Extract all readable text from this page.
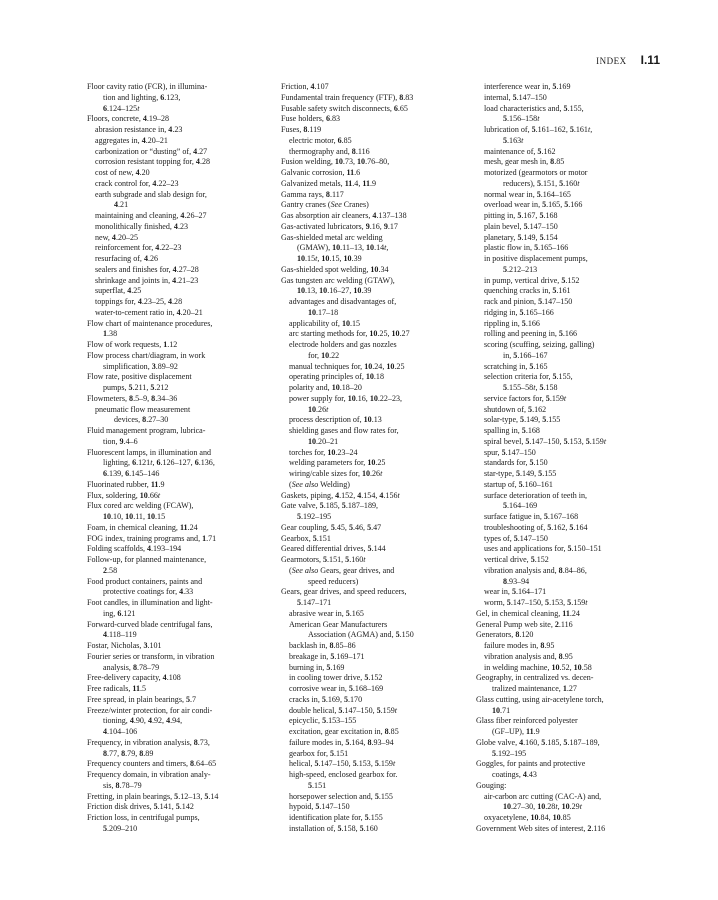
INDEX I.11
Floor cavity ratio (FCR), in illumina-
tion and lighting, 6.123,
6.124–125t
Floors, concrete, 4.19–28
abrasion resistance in, 4.23
aggregates in, 4.20–21
carbonization or “dusting” of, 4.27
corrosion resistant topping for, 4.28
cost of new, 4.20
crack control for, 4.22–23
earth subgrade and slab design for,
4.21
maintaining and cleaning, 4.26–27
monolithically finished, 4.23
new, 4.20–25
reinforcement for, 4.22–23
resurfacing of, 4.26
sealers and finishes for, 4.27–28
shrinkage and joints in, 4.21–23
superflat, 4.25
toppings for, 4.23–25, 4.28
water-to-cement ratio in, 4.20–21
Flow chart of maintenance procedures,
1.38
Flow of work requests, 1.12
Flow process chart/diagram, in work
simplification, 3.89–92
Flow rate, positive displacement
pumps, 5.211, 5.212
Flowmeters, 8.5–9, 8.34–36
pneumatic flow measurement
devices, 8.27–30
Fluid management program, lubrica-
tion, 9.4–6
Fluorescent lamps, in illumination and
lighting, 6.121t, 6.126–127, 6.136,
6.139, 6.145–146
Fluorinated rubber, 11.9
Flux, soldering, 10.66t
Flux cored arc welding (FCAW),
10.10, 10.11, 10.15
Foam, in chemical cleaning, 11.24
FOG index, training programs and, 1.71
Folding scaffolds, 4.193–194
Follow-up, for planned maintenance,
2.58
Food product containers, paints and
protective coatings for, 4.33
Foot candles, in illumination and light-
ing, 6.121
Forward-curved blade centrifugal fans,
4.118–119
Fostar, Nicholas, 3.101
Fourier series or transform, in vibration
analysis, 8.78–79
Free-delivery capacity, 4.108
Free radicals, 11.5
Free spread, in plain bearings, 5.7
Freeze/winter protection, for air condi-
tioning, 4.90, 4.92, 4.94,
4.104–106
Frequency, in vibration analysis, 8.73,
8.77, 8.79, 8.89
Frequency counters and timers, 8.64–65
Frequency domain, in vibration analy-
sis, 8.78–79
Fretting, in plain bearings, 5.12–13, 5.14
Friction disk drives, 5.141, 5.142
Friction loss, in centrifugal pumps,
5.209–210
Friction, 4.107
Fundamental train frequency (FTF), 8.83
Fusable safety switch disconnects, 6.65
Fuse holders, 6.83
Fuses, 8.119
electric motor, 6.85
thermography and, 8.116
Fusion welding, 10.73, 10.76–80,
Galvanic corrosion, 11.6
Galvanized metals, 11.4, 11.9
Gamma rays, 8.117
Gantry cranes (See Cranes)
Gas absorption air cleaners, 4.137–138
Gas-activated lubricators, 9.16, 9.17
Gas-shielded metal arc welding
(GMAW), 10.11–13, 10.14t,
10.15t, 10.15, 10.39
Gas-shielded spot welding, 10.34
Gas tungsten arc welding (GTAW),
10.13, 10.16–27, 10.39
advantages and disadvantages of,
10.17–18
applicability of, 10.15
arc starting methods for, 10.25, 10.27
electrode holders and gas nozzles
for, 10.22
manual techniques for, 10.24, 10.25
operating principles of, 10.18
polarity and, 10.18–20
power supply for, 10.16, 10.22–23,
10.26t
process description of, 10.13
shielding gases and flow rates for,
10.20–21
torches for, 10.23–24
welding parameters for, 10.25
wiring/cable sizes for, 10.26t
(See also Welding)
Gaskets, piping, 4.152, 4.154, 4.156t
Gate valve, 5.185, 5.187–189,
5.192–195
Gear coupling, 5.45, 5.46, 5.47
Gearbox, 5.151
Geared differential drives, 5.144
Gearmotors, 5.151, 5.160t
(See also Gears, gear drives, and
speed reducers)
Gears, gear drives, and speed reducers,
5.147–171
abrasive wear in, 5.165
American Gear Manufacturers
Association (AGMA) and, 5.150
backlash in, 8.85–86
breakage in, 5.169–171
burning in, 5.169
in cooling tower drive, 5.152
corrosive wear in, 5.168–169
cracks in, 5.169, 5.170
double helical, 5.147–150, 5.159t
epicyclic, 5.153–155
excitation, gear excitation in, 8.85
failure modes in, 5.164, 8.93–94
gearbox for, 5.151
helical, 5.147–150, 5.153, 5.159t
high-speed, enclosed gearbox for.
5.151
horsepower selection and, 5.155
hypoid, 5.147–150
identification plate for, 5.155
installation of, 5.158, 5.160
interference wear in, 5.169
internal, 5.147–150
load characteristics and, 5.155,
5.156–158t
lubrication of, 5.161–162, 5.161t,
5.163t
maintenance of, 5.162
mesh, gear mesh in, 8.85
motorized (gearmotors or motor
reducers), 5.151, 5.160t
normal wear in, 5.164–165
overload wear in, 5.165, 5.166
pitting in, 5.167, 5.168
plain bevel, 5.147–150
planetary, 5.149, 5.154
plastic flow in, 5.165–166
in positive displacement pumps,
5.212–213
in pump, vertical drive, 5.152
quenching cracks in, 5.161
rack and pinion, 5.147–150
ridging in, 5.165–166
rippling in, 5.166
rolling and peening in, 5.166
scoring (scuffing, seizing, galling)
in, 5.166–167
scratching in, 5.165
selection criteria for, 5.155,
5.155–58t, 5.158
service factors for, 5.159t
shutdown of, 5.162
solar-type, 5.149, 5.155
spalling in, 5.168
spiral bevel, 5.147–150, 5.153, 5.159t
spur, 5.147–150
standards for, 5.150
star-type, 5.149, 5.155
startup of, 5.160–161
surface deterioration of teeth in,
5.164–169
surface fatigue in, 5.167–168
troubleshooting of, 5.162, 5.164
types of, 5.147–150
uses and applications for, 5.150–151
vertical drive, 5.152
vibration analysis and, 8.84–86,
8.93–94
wear in, 5.164–171
worm, 5.147–150, 5.153, 5.159t
Gel, in chemical cleaning, 11.24
General Pump web site, 2.116
Generators, 8.120
failure modes in, 8.95
vibration analysis and, 8.95
in welding machine, 10.52, 10.58
Geography, in centralized vs. decen-
tralized maintenance, 1.27
Glass cutting, using air-acetylene torch,
10.71
Glass fiber reinforced polyester
(GF–UP), 11.9
Globe valve, 4.160, 5.185, 5.187–189,
5.192–195
Goggles, for paints and protective
coatings, 4.43
Gouging:
air-carbon arc cutting (CAC-A) and,
10.27–30, 10.28t, 10.29t
oxyacetylene, 10.84, 10.85
Government Web sites of interest, 2.116
